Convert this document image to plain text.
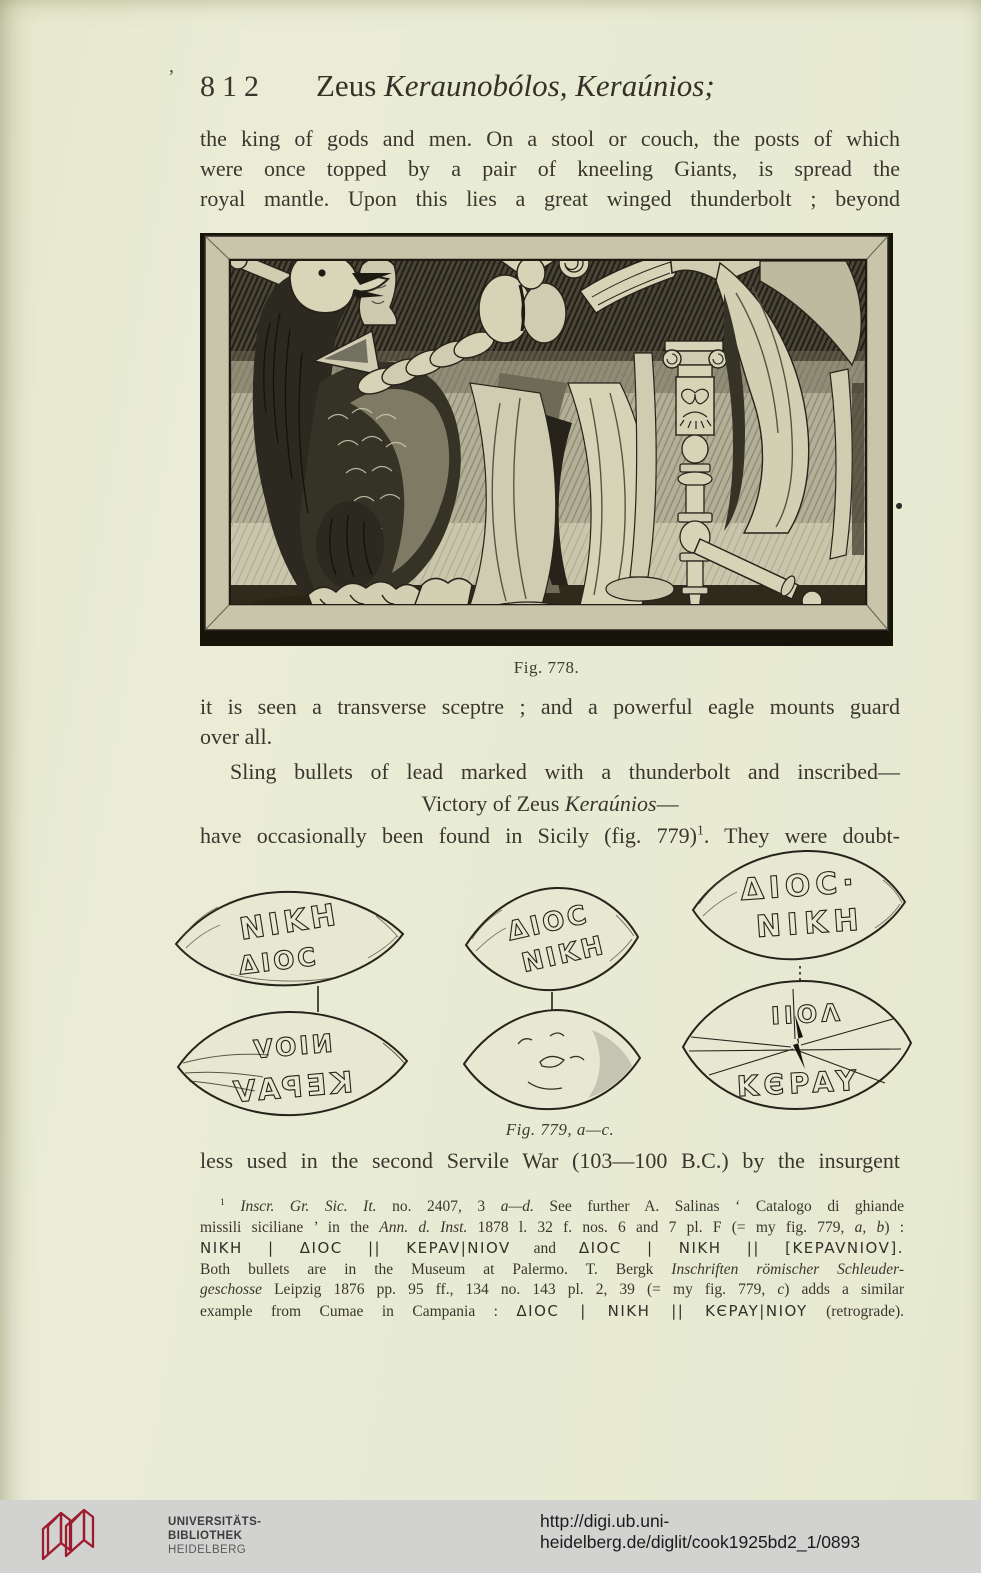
’ 812 Zeus Keraunobólos, Keraúnios;
the king of gods and men. On a stool or couch, the posts of which
were once topped by a pair of kneeling Giants, is spread the
royal mantle. Upon this lies a great winged thunderbolt ; beyond
Fig. 778.
it is seen a transverse sceptre ; and a powerful eagle mounts guard
over all.
Sling bullets of lead marked with a thunderbolt and inscribed—
Victory of Zeus Keraúnios—
have occasionally been found in Sicily (fig. 779)$^1$. They were doubt-
NIKH
ΔIOC
NIOV
KEPAV
ΔIOC
NIKH
ΔIOC·
NIKH
IIOΛ
KЄPAY
Fig. 779, a—c.
less used in the second Servile War (103—100 B.C.) by the insurgent
$^1$ Inscr. Gr. Sic. It. no. 2407, 3 a—d. See further A. Salinas ‘ Catalogo di ghiande
missili siciliane ’ in the Ann. d. Inst. 1878 l. 32 f. nos. 6 and 7 pl. F (= my fig. 779, a, b) :
NIKH | ΔIOC || KEPAV|NIOV and ΔIOC | NIKH || [KEPAVNIOV].
Both bullets are in the Museum at Palermo. T. Bergk Inschriften römischer Schleuder-
geschosse Leipzig 1876 pp. 95 ff., 134 no. 143 pl. 2, 39 (= my fig. 779, c) adds a similar
example from Cumae in Campania : ΔIOC | NIKH || KЄPAY|NIOY (retrograde).
UNIVERSITÄTS-
BIBLIOTHEK
HEIDELBERG
http://digi.ub.uni-heidelberg.de/diglit/cook1925bd2_1/0893
